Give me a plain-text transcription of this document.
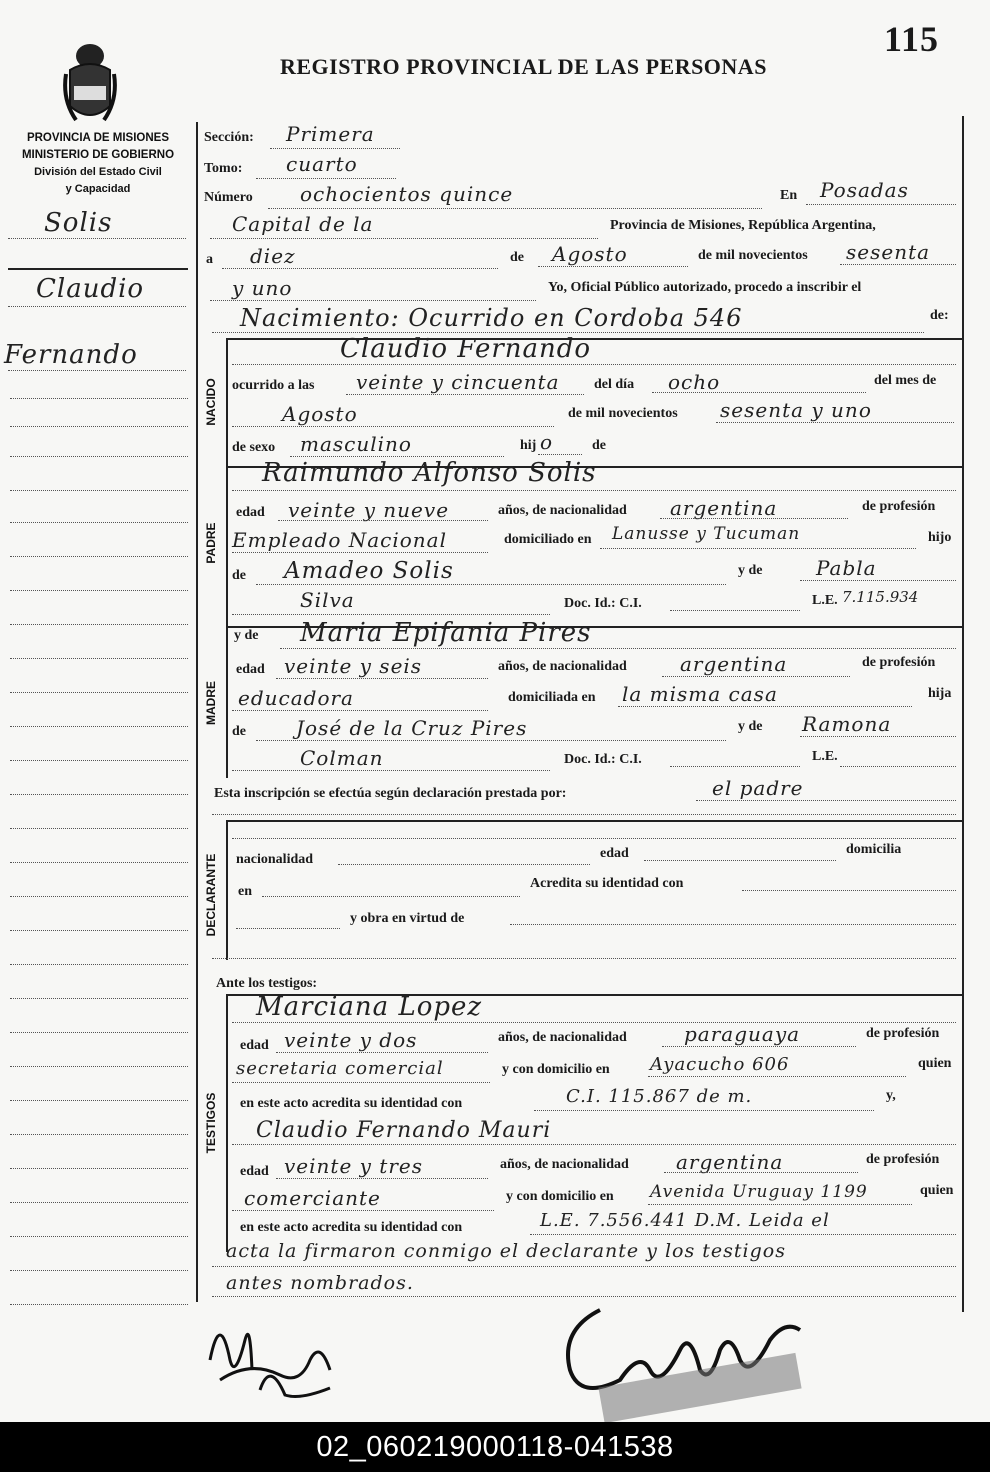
115
REGISTRO PROVINCIAL DE LAS PERSONAS
PROVINCIA DE MISIONES
MINISTERIO DE GOBIERNO
División del Estado Civil
y Capacidad
Solis
Claudio
Fernando
Sección: Primera
Tomo: cuarto
Número ochocientos quince	En Posadas
Capital de la	Provincia de Misiones, República Argentina,
a diez	de Agosto	de mil novecientos sesenta
y uno	Yo, Oficial Público autorizado, procedo a inscribir el
Nacimiento: Ocurrido en Cordoba 546	de:
NACIDO
Claudio Fernando
ocurrido a las veinte y cincuenta del día ocho	del mes de
Agosto	de mil novecientos sesenta y uno
de sexo masculino	hij o	de
PADRE
Raimundo Alfonso Solis
edad veinte y nueve	años, de nacionalidad argentina	de profesión
Empleado Nacional	domiciliado en Lanusse y Tucuman	hijo
de Amadeo Solis	y de	Pabla
Silva	Doc. Id.: C.I.	L.E. 7.115.934
MADRE
y de Maria Epifania Pires
edad veinte y seis	años, de nacionalidad	argentina	de profesión
educadora	domiciliada en la misma casa	hija
de	José de la Cruz Pires	y de Ramona
Colman	Doc. Id.: C.I.	L.E.
Esta inscripción se efectúa según declaración prestada por:	el padre
DECLARANTE nacionalidad	edad	domicilia
en
Acredita su identidad con
y obra en virtud de
Ante los testigos:
TESTIGOS
Marciana Lopez
edad veinte y dos	años, de nacionalidad	paraguaya	de profesión
secretaria comercial	y con domicilio en Ayacucho 606	quien
en este acto acredita su identidad con	C.I. 115.867 de m.	y,
Claudio Fernando Mauri
edad veinte y tres	años, de nacionalidad argentina	de profesión
comerciante	y con domicilio en Avenida Uruguay 1199	quien
en este acto acredita su identidad con	L.E. 7.556.441 D.M. Leida el
acta la firmaron conmigo el declarante y los testigos
antes nombrados.
02_060219000118-041538
